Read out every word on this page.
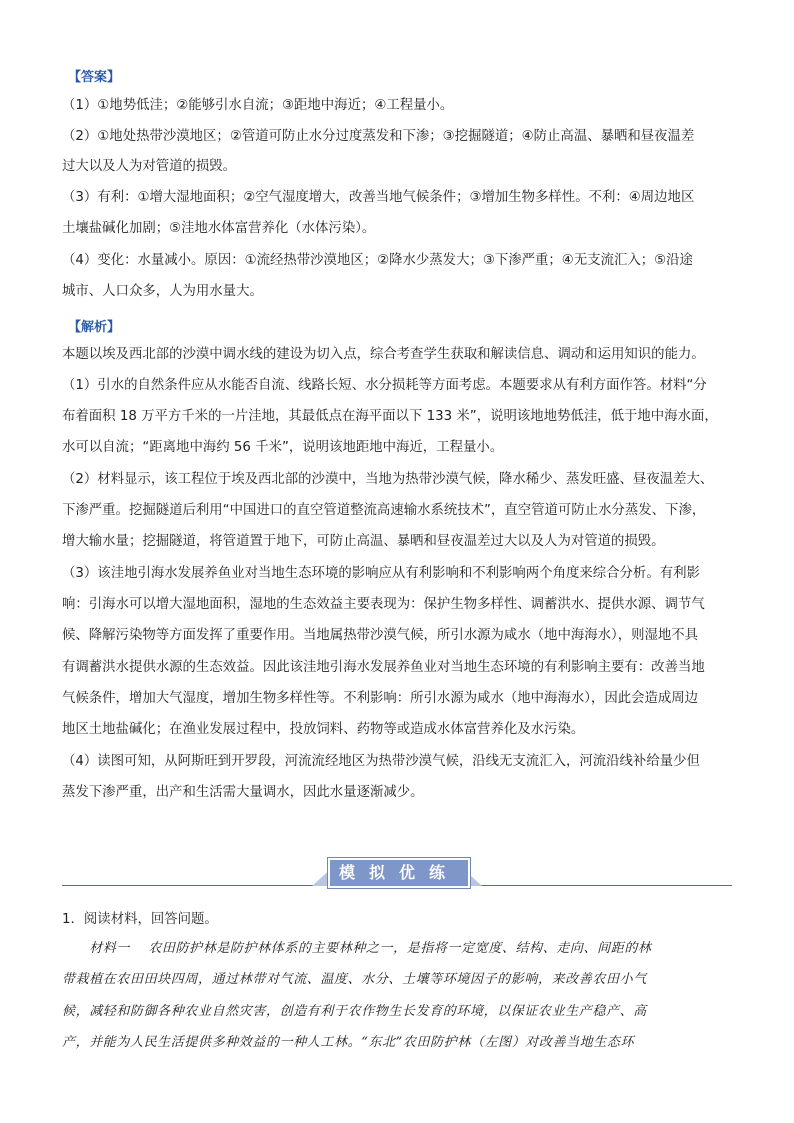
【答案】
（1）①地势低洼；②能够引水自流；③距地中海近；④工程量小。
（2）①地处热带沙漠地区；②管道可防止水分过度蒸发和下渗；③挖掘隧道；④防止高温、暴晒和昼夜温差
过大以及人为对管道的损毁。
（3）有利：①增大湿地面积；②空气湿度增大，改善当地气候条件；③增加生物多样性。不利：④周边地区
土壤盐碱化加剧；⑤洼地水体富营养化（水体污染）。
（4）变化：水量减小。原因：①流经热带沙漠地区；②降水少蒸发大；③下渗严重；④无支流汇入；⑤沿途
城市、人口众多，人为用水量大。
【解析】
本题以埃及西北部的沙漠中调水线的建设为切入点，综合考查学生获取和解读信息、调动和运用知识的能力。
（1）引水的自然条件应从水能否自流、线路长短、水分损耗等方面考虑。本题要求从有利方面作答。材料“分
布着面积 18 万平方千米的一片洼地，其最低点在海平面以下 133 米”，说明该地地势低洼，低于地中海水面，
水可以自流；“距离地中海约 56 千米”，说明该地距地中海近，工程量小。
（2）材料显示，该工程位于埃及西北部的沙漠中，当地为热带沙漠气候，降水稀少、蒸发旺盛、昼夜温差大、
下渗严重。挖掘隧道后利用“中国进口的直空管道整流高速输水系统技术”，直空管道可防止水分蒸发、下渗，
增大输水量；挖掘隧道，将管道置于地下，可防止高温、暴晒和昼夜温差过大以及人为对管道的损毁。
（3）该洼地引海水发展养鱼业对当地生态环境的影响应从有利影响和不利影响两个角度来综合分析。有利影
响：引海水可以增大湿地面积，湿地的生态效益主要表现为：保护生物多样性、调蓄洪水、提供水源、调节气
候、降解污染物等方面发挥了重要作用。当地属热带沙漠气候，所引水源为咸水（地中海海水），则湿地不具
有调蓄洪水提供水源的生态效益。因此该洼地引海水发展养鱼业对当地生态环境的有利影响主要有：改善当地
气候条件，增加大气湿度，增加生物多样性等。不利影响：所引水源为咸水（地中海海水），因此会造成周边
地区土地盐碱化；在渔业发展过程中，投放饲料、药物等或造成水体富营养化及水污染。
（4）读图可知，从阿斯旺到开罗段，河流流经地区为热带沙漠气候，沿线无支流汇入，河流沿线补给量少但
蒸发下渗严重，出产和生活需大量调水，因此水量逐渐减少。
模拟优练
1．阅读材料，回答问题。
　　材料一　 农田防护林是防护林体系的主要林种之一，是指将一定宽度、结构、走向、间距的林
带栽植在农田田块四周，通过林带对气流、温度、水分、土壤等环境因子的影响，来改善农田小气
候，减轻和防御各种农业自然灾害，创造有利于农作物生长发育的环境，以保证农业生产稳产、高
产，并能为人民生活提供多种效益的一种人工林。“东北”农田防护林（左图）对改善当地生态环
